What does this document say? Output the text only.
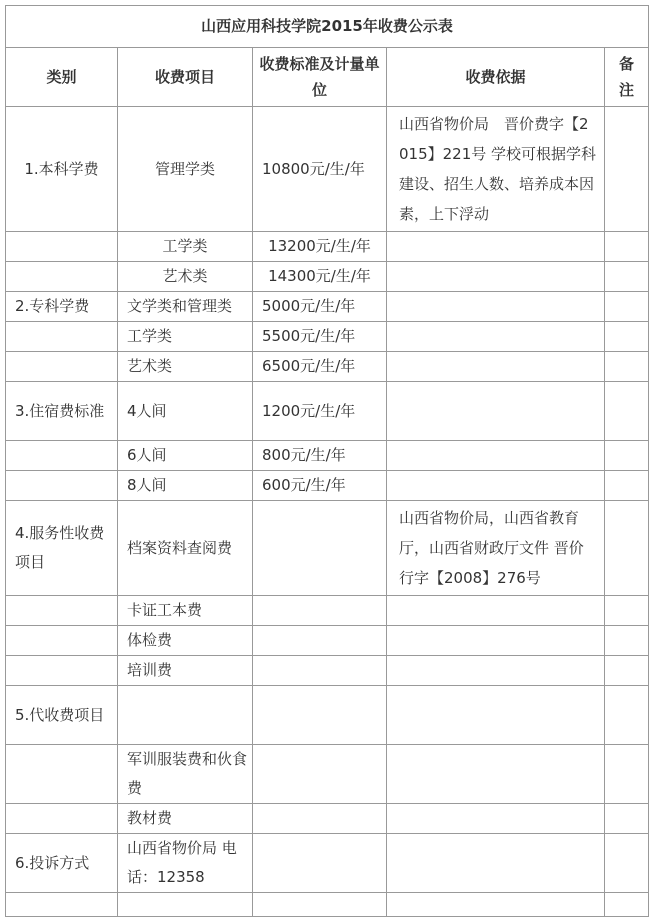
山西应用科技学院2015年收费公示表				
类别	收费项目	收费标准及计量单位	收费依据	备注
1.本科学费	管理学类	10800元/生/年	山西省物价局　晋价费字【2015】221号 学校可根据学科建设、招生人数、培养成本因素，上下浮动	
	工学类	13200元/生/年		
	艺术类	14300元/生/年		
2.专科学费	文学类和管理类	5000元/生/年		
	工学类	5500元/生/年		
	艺术类	6500元/生/年		
3.住宿费标准	4人间	1200元/生/年		
	6人间	800元/生/年		
	8人间	600元/生/年		
4.服务性收费项目	档案资料查阅费		山西省物价局，山西省教育厅，山西省财政厅文件 晋价行字【2008】276号	
	卡证工本费			
	体检费			
	培训费			
5.代收费项目				
	军训服装费和伙食费			
	教材费			
6.投诉方式	山西省物价局 电话：12358			
